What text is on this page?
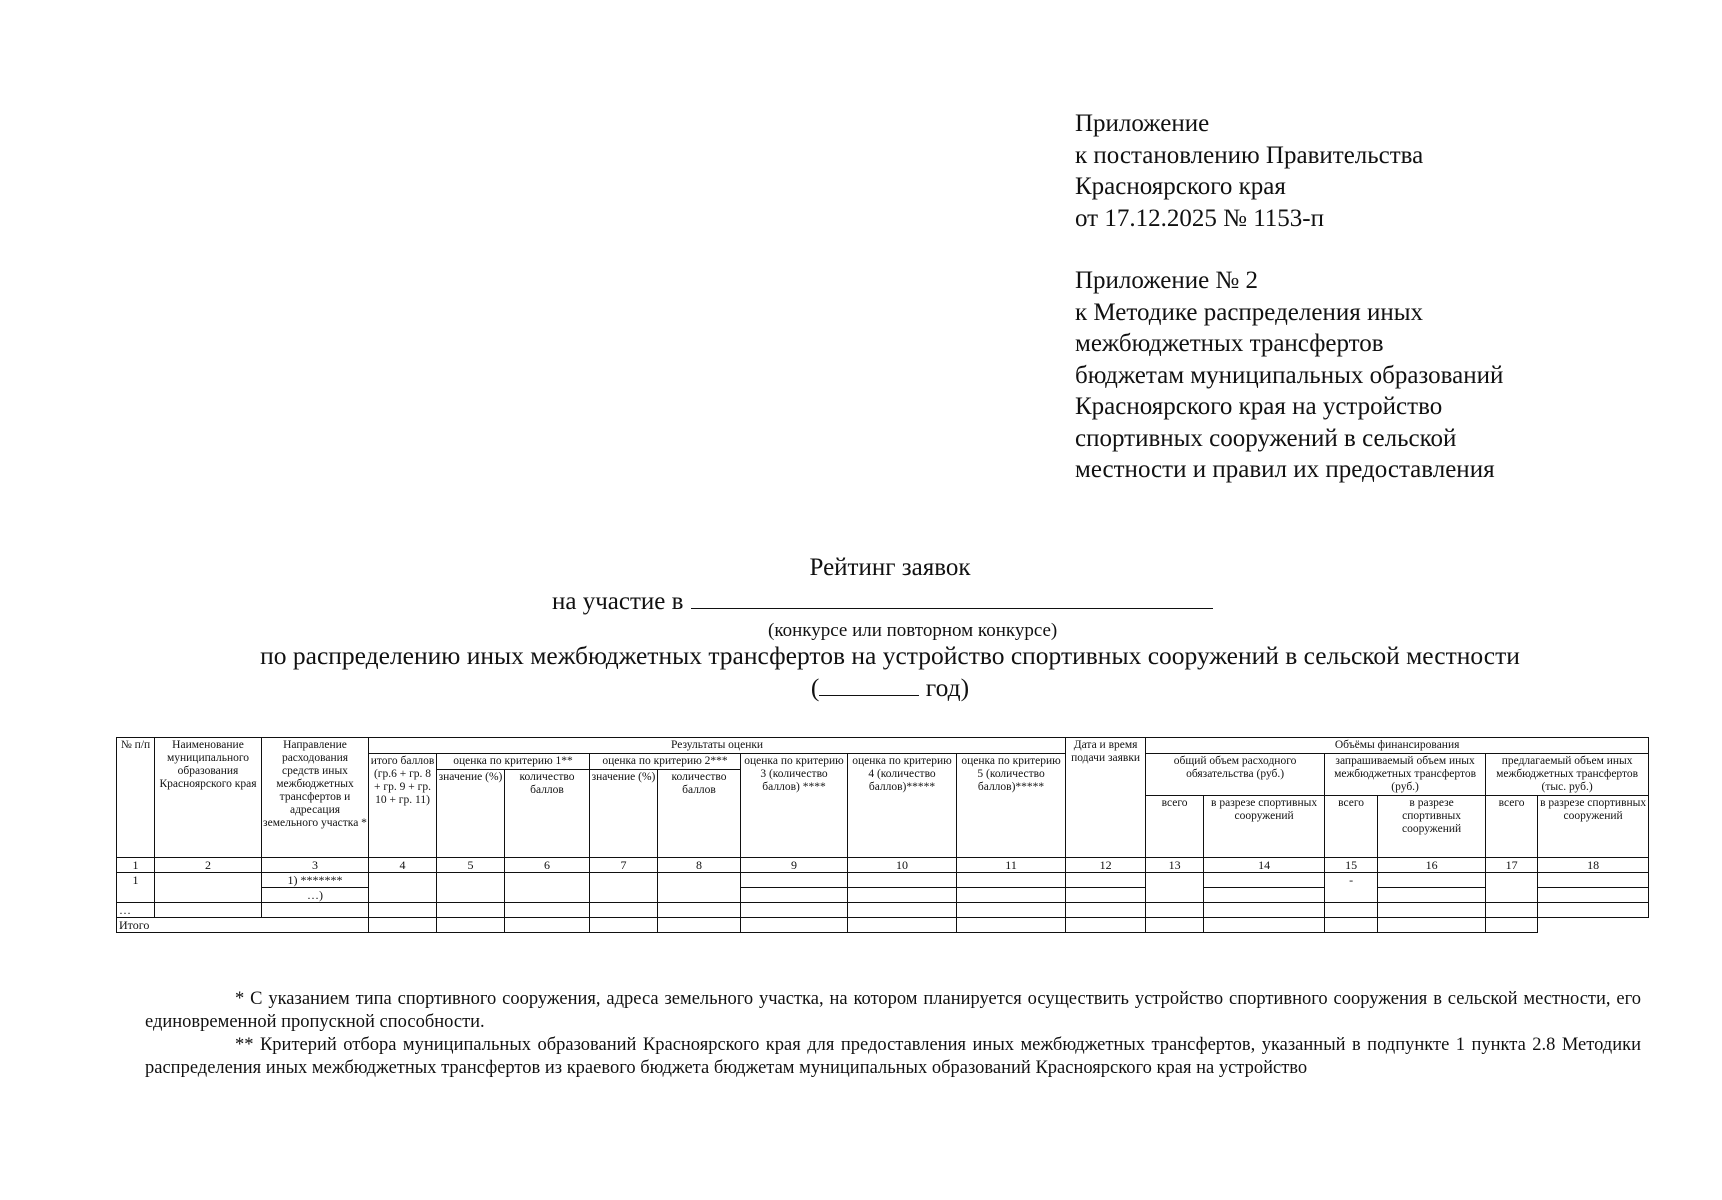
Приложение
к постановлению Правительства
Красноярского края
от 17.12.2025 № 1153-п
Приложение № 2
к Методике распределения иных
межбюджетных трансфертов
бюджетам муниципальных образований
Красноярского края на устройство
спортивных сооружений в сельской
местности и правил их предоставления
Рейтинг заявок
на участие в
(конкурсе или повторном конкурсе)
по распределению иных межбюджетных трансфертов на устройство спортивных сооружений в сельской местности
(	год)
№ п/п	Наименование муниципального образования Красноярского края	Направление расходования средств иных межбюджетных трансфертов и адресация земельного участка *	Результаты оценки								Дата и время подачи заявки	Объёмы финансирования					
			итого баллов (гр.6 + гр. 8 + гр. 9 + гр. 10 + гр. 11)	оценка по критерию 1**		оценка по критерию 2***		оценка по критерию 3 (количество баллов) ****	оценка по критерию 4 (количество баллов)*****	оценка по критерию 5 (количество баллов)*****		общий объем расходного обязательства (руб.)		запрашиваемый объем иных межбюджетных трансфертов (руб.)		предлагаемый объем иных межбюджетных трансфертов (тыс. руб.)	
				значение (%)	количество баллов	значение (%)	количество баллов										
												всего	в разрезе спортивных сооружений	всего	в разрезе спортивных сооружений	всего	в разрезе спортивных сооружений
1	2	3	4	5	6	7	8	9	10	11	12	13	14	15	16	17	18
1		1) *******												-			
		…)															
…																	
Итого																	
* С указанием типа спортивного сооружения, адреса земельного участка, на котором планируется осуществить устройство спортивного сооружения в сельской местности, его единовременной пропускной способности.
** Критерий отбора муниципальных образований Красноярского края для предоставления иных межбюджетных трансфертов, указанный в подпункте 1 пункта 2.8 Методики распределения иных межбюджетных трансфертов из краевого бюджета бюджетам муниципальных образований Красноярского края на устройство
